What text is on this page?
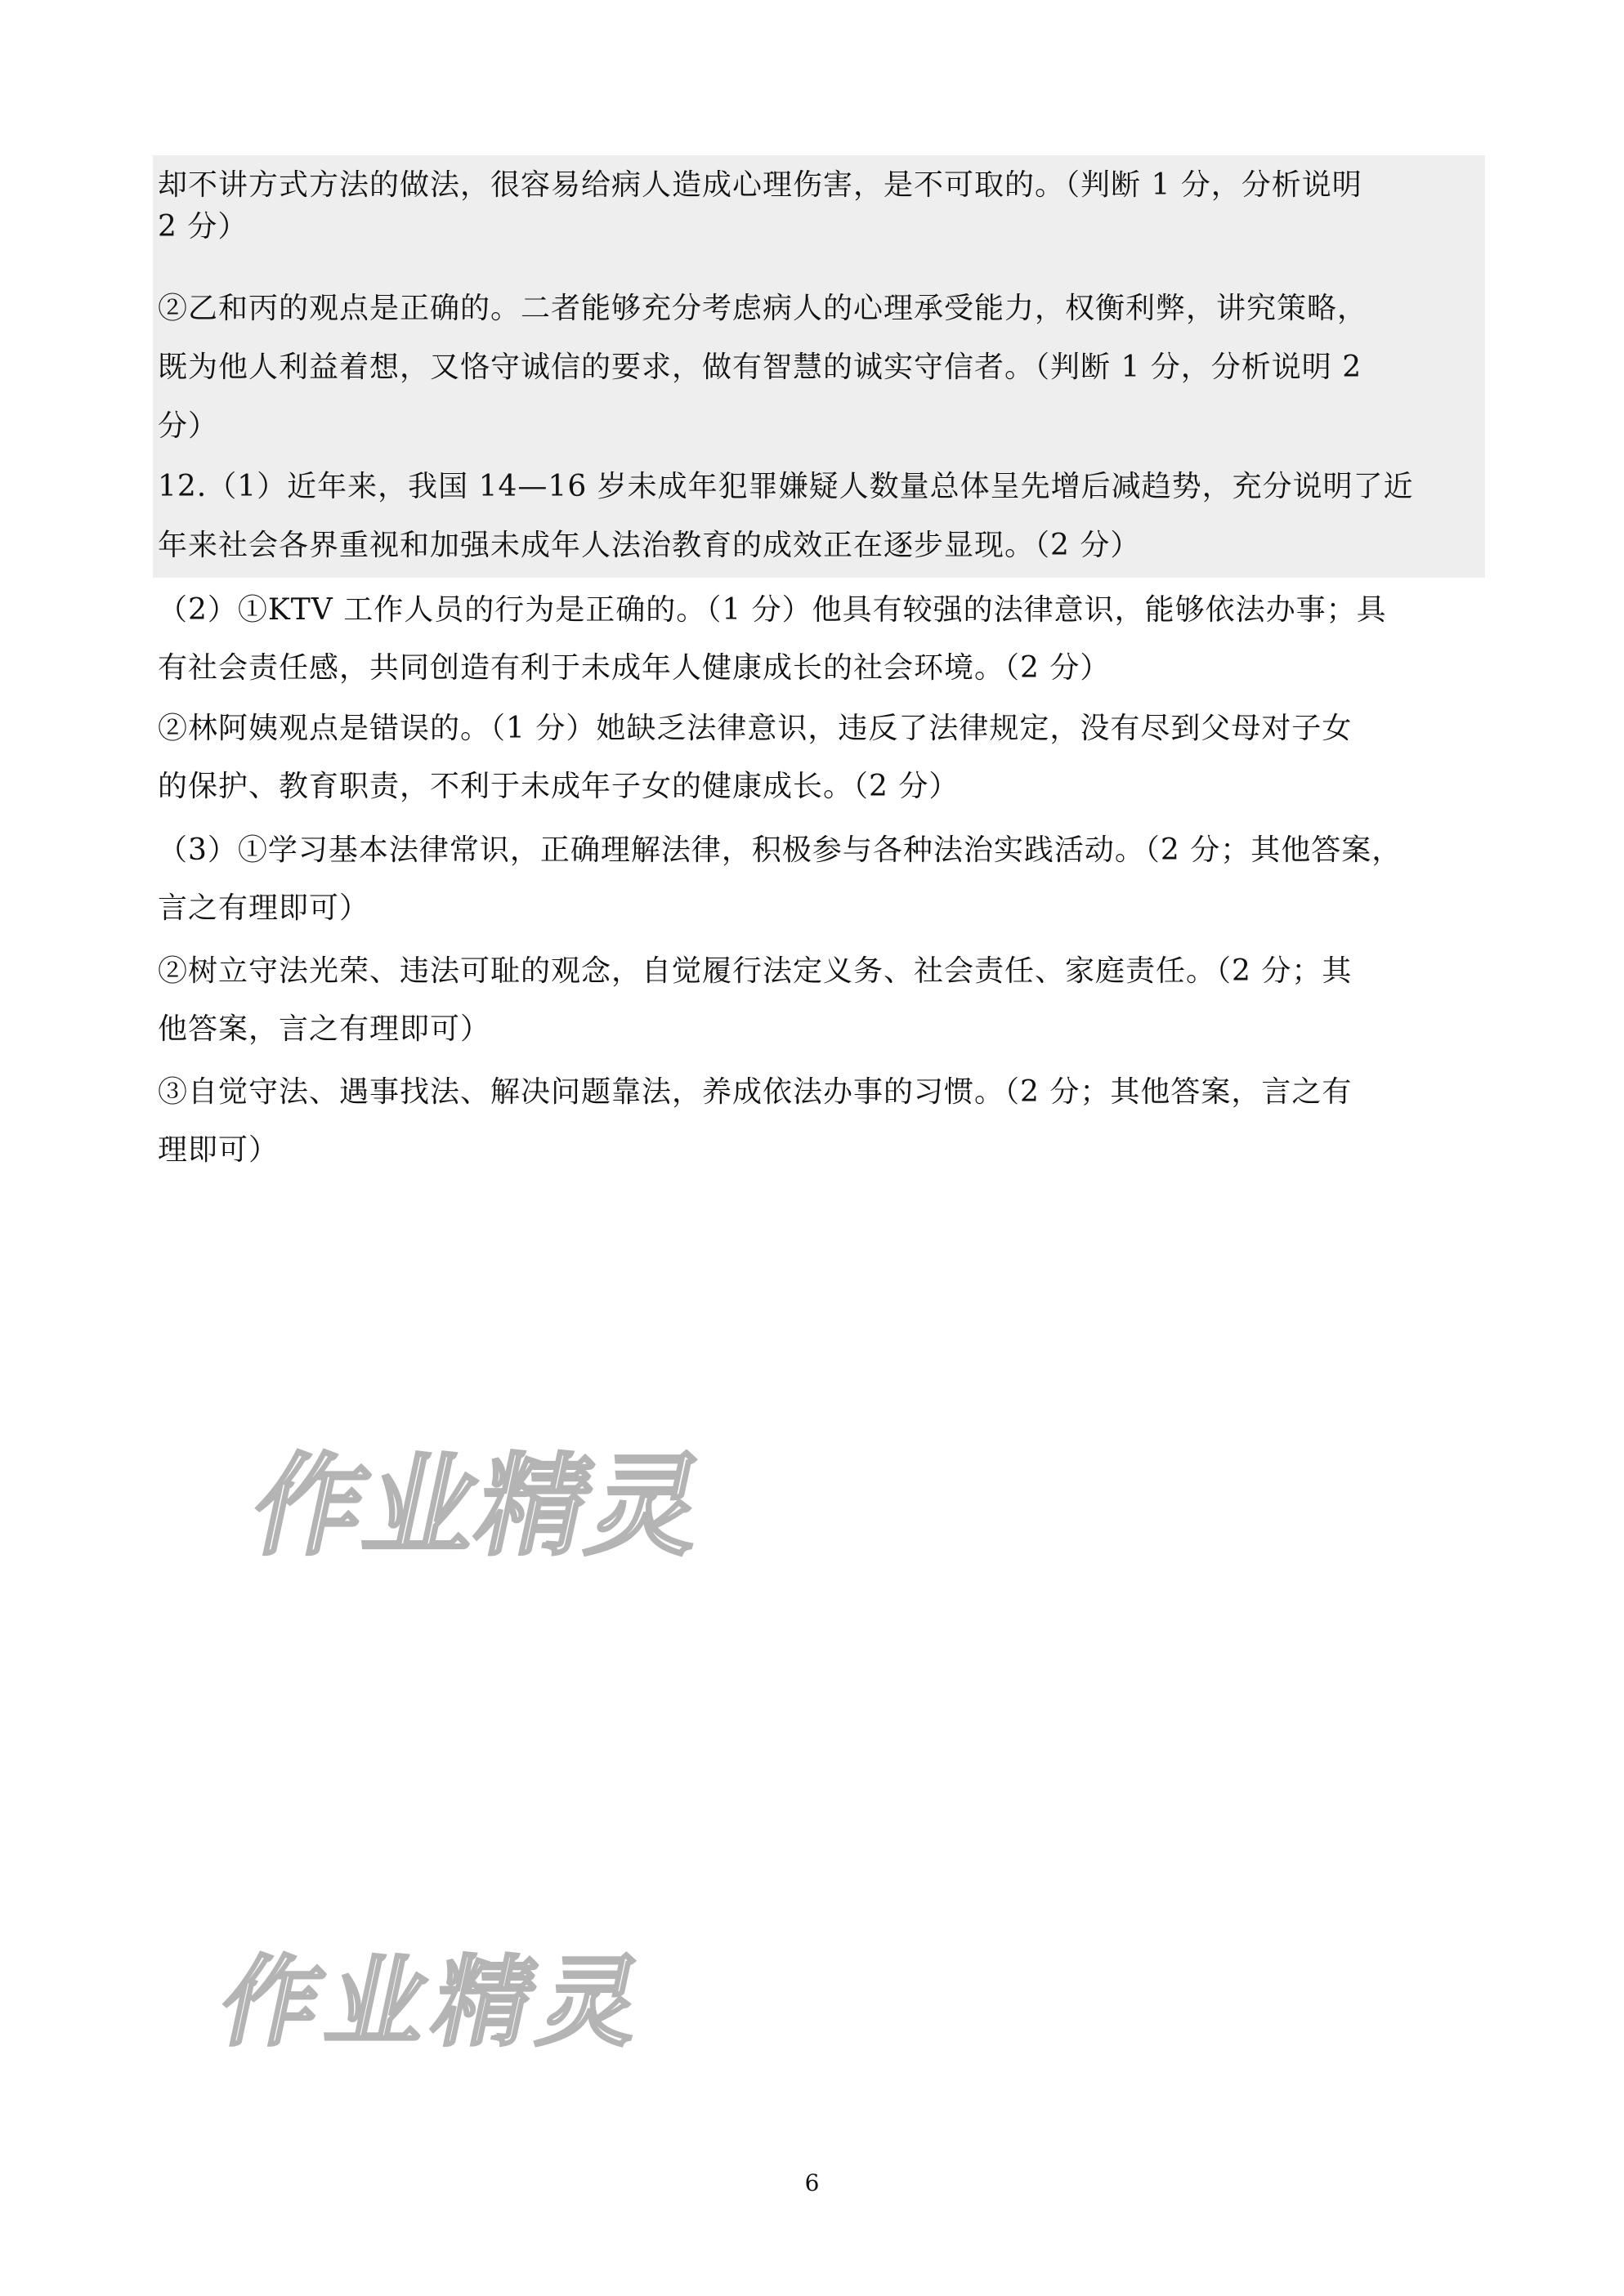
却不讲方式方法的做法，很容易给病人造成心理伤害，是不可取的。（判断 1 分，分析说明
2 分）
②乙和丙的观点是正确的。二者能够充分考虑病人的心理承受能力，权衡利弊，讲究策略，
既为他人利益着想，又恪守诚信的要求，做有智慧的诚实守信者。（判断 1 分，分析说明 2
分）
12.（1）近年来，我国 14—16 岁未成年犯罪嫌疑人数量总体呈先增后减趋势，充分说明了近
年来社会各界重视和加强未成年人法治教育的成效正在逐步显现。（2 分）
（2）①KTV 工作人员的行为是正确的。（1 分）他具有较强的法律意识，能够依法办事；具
有社会责任感，共同创造有利于未成年人健康成长的社会环境。（2 分）
②林阿姨观点是错误的。（1 分）她缺乏法律意识，违反了法律规定，没有尽到父母对子女
的保护、教育职责，不利于未成年子女的健康成长。（2 分）
（3）①学习基本法律常识，正确理解法律，积极参与各种法治实践活动。（2 分；其他答案，
言之有理即可）
②树立守法光荣、违法可耻的观念，自觉履行法定义务、社会责任、家庭责任。（2 分；其
他答案，言之有理即可）
③自觉守法、遇事找法、解决问题靠法，养成依法办事的习惯。（2 分；其他答案，言之有
理即可）
作业精灵
作业精灵
6
